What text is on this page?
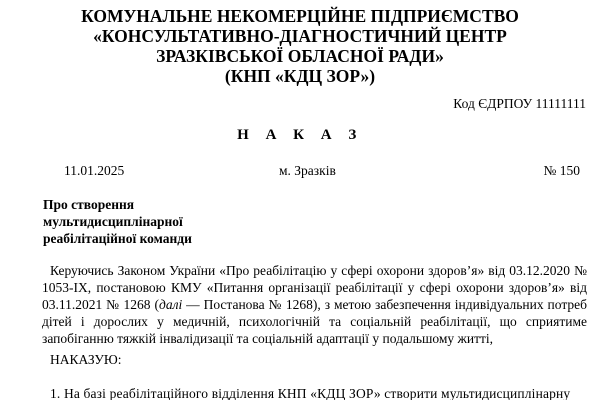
КОМУНАЛЬНЕ НЕКОМЕРЦІЙНЕ ПІДПРИЄМСТВО
«КОНСУЛЬТАТИВНО-ДІАГНОСТИЧНИЙ ЦЕНТР
ЗРАЗКІВСЬКОЇ ОБЛАСНОЇ РАДИ»
(КНП «КДЦ ЗОР»)
Код ЄДРПОУ 11111111
Н А К А З
11.01.2025	м. Зразків	№ 150
Про створення
мультидисциплінарної
реабілітаційної команди
Керуючись Законом України «Про реабілітацію у сфері охорони здоров’я» від 03.12.2020 № 1053-IX, постановою КМУ «Питання організації реабілітації у сфері охорони здоров’я» від 03.11.2021 № 1268 (далі — Постанова № 1268), з метою забезпечення індивідуальних потреб дітей і дорослих у медичній, психологічній та соціальній реабілітації, що сприятиме запобіганню тяжкій інвалідизації та соціальній адаптації у подальшому житті,
НАКАЗУЮ:
1. На базі реабілітаційного відділення КНП «КДЦ ЗОР» створити мультидисциплінарну
